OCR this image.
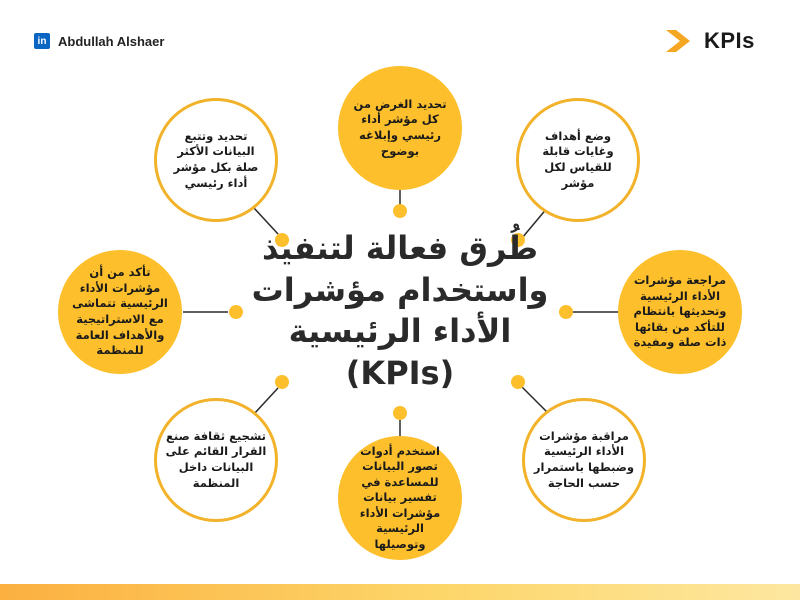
in Abdullah Alshaer	KPIs
طُرق فعالة لتنفيذ
واستخدام مؤشرات
الأداء الرئيسية (KPIs)
تحديد الغرض من كل مؤشر أداء رئيسي وإبلاغه بوضوح
وضع أهداف وغايات قابلة للقياس لكل مؤشر
مراجعة مؤشرات الأداء الرئيسية وتحديثها بانتظام للتأكد من بقائها ذات صلة ومفيدة
مراقبة مؤشرات الأداء الرئيسية وضبطها باستمرار حسب الحاجة
استخدم أدوات تصور البيانات للمساعدة في تفسير بيانات مؤشرات الأداء الرئيسية وتوصيلها
تشجيع ثقافة صنع القرار القائم على البيانات داخل المنظمة
تأكد من أن مؤشرات الأداء الرئيسية تتماشى مع الاستراتيجية والأهداف العامة للمنظمة
تحديد وتتبع البيانات الأكثر صلة بكل مؤشر أداء رئيسي
